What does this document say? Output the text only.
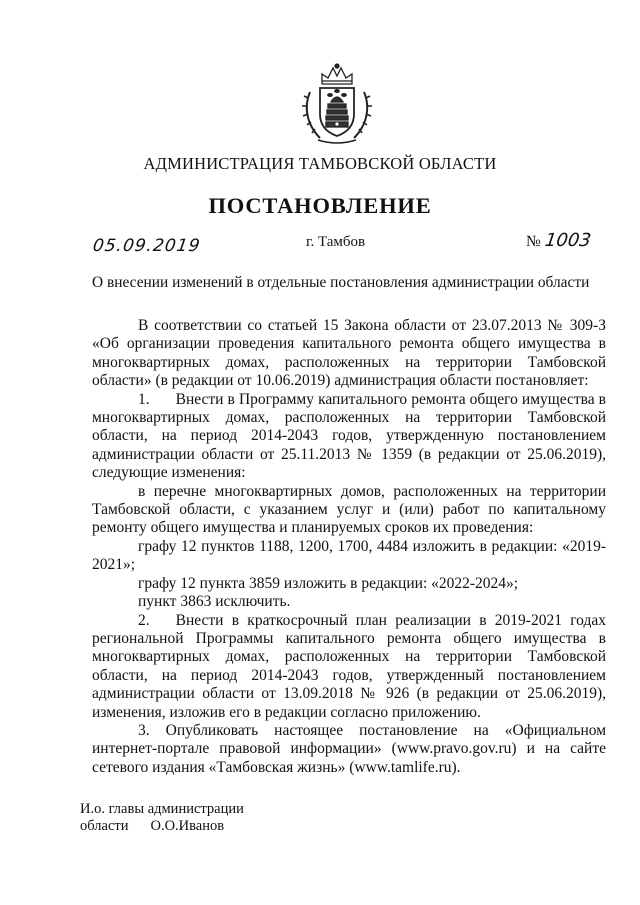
АДМИНИСТРАЦИЯ ТАМБОВСКОЙ ОБЛАСТИ
ПОСТАНОВЛЕНИЕ
05.09.2019	г. Тамбов	№ 1003
О внесении изменений в отдельные постановления администрации области

В соответствии со статьей 15 Закона области от 23.07.2013 № 309-З «Об организации проведения капитального ремонта общего имущества в многоквартирных домах, расположенных на территории Тамбовской области» (в редакции от 10.06.2019) администрация области постановляет:

1. Внести в Программу капитального ремонта общего имущества в многоквартирных домах, расположенных на территории Тамбовской области, на период 2014-2043 годов, утвержденную постановлением администрации области от 25.11.2013 № 1359 (в редакции от 25.06.2019), следующие изменения:

в перечне многоквартирных домов, расположенных на территории Тамбовской области, с указанием услуг и (или) работ по капитальному ремонту общего имущества и планируемых сроков их проведения:

графу 12 пунктов 1188, 1200, 1700, 4484 изложить в редакции: «2019-2021»;

графу 12 пункта 3859 изложить в редакции: «2022-2024»;

пункт 3863 исключить.

2. Внести в краткосрочный план реализации в 2019-2021 годах региональной Программы капитального ремонта общего имущества в многоквартирных домах, расположенных на территории Тамбовской области, на период 2014-2043 годов, утвержденный постановлением администрации области от 13.09.2018 № 926 (в редакции от 25.06.2019), изменения, изложив его в редакции согласно приложению.

3. Опубликовать настоящее постановление на «Официальном интернет-портале правовой информации» (www.pravo.gov.ru) и на сайте сетевого издания «Тамбовская жизнь» (www.tamlife.ru).

И.о. главы администрации
области О.О.Иванов
